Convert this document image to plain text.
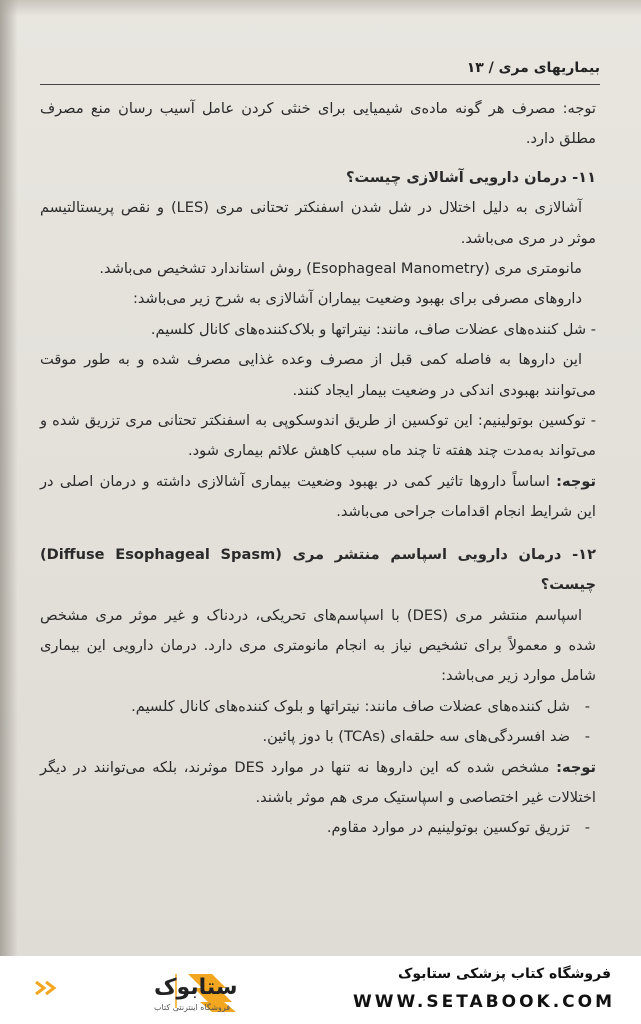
بیماریهای مری / ۱۳

توجه: مصرف هر گونه ماده‌ی شیمیایی برای خنثی کردن عامل آسیب رسان منع مصرف مطلق دارد.

۱۱- درمان دارویی آشالازی چیست؟

آشالازی به دلیل اختلال در شل شدن اسفنکتر تحتانی مری (LES) و نقص پریستالتیسم موثر در مری می‌باشد.

مانومتری مری (Esophageal Manometry) روش استاندارد تشخیص می‌باشد.

داروهای مصرفی برای بهبود وضعیت بیماران آشالازی به شرح زیر می‌باشد:

- شل کننده‌های عضلات صاف، مانند: نیتراتها و بلاک‌کننده‌های کانال کلسیم.

این داروها به فاصله کمی قبل از مصرف وعده غذایی مصرف شده و به طور موقت می‌توانند بهبودی اندکی در وضعیت بیمار ایجاد کنند.

- توکسین بوتولینیم: این توکسین از طریق اندوسکوپی به اسفنکتر تحتانی مری تزریق شده و می‌تواند به‌مدت چند هفته تا چند ماه سبب کاهش علائم بیماری شود.

توجه: اساساً داروها تاثیر کمی در بهبود وضعیت بیماری آشالازی داشته و درمان اصلی در این شرایط انجام اقدامات جراحی می‌باشد.

۱۲- درمان دارویی اسپاسم منتشر مری (Diffuse Esophageal Spasm) چیست؟

اسپاسم منتشر مری (DES) با اسپاسم‌های تحریکی، دردناک و غیر موثر مری مشخص شده و معمولاً برای تشخیص نیاز به انجام مانومتری مری دارد. درمان دارویی این بیماری شامل موارد زیر می‌باشد:

-
شل کننده‌های عضلات صاف مانند: نیتراتها و بلوک کننده‌های کانال کلسیم.

-
ضد افسردگی‌های سه حلقه‌ای (TCAs) با دوز پائین.

توجه: مشخص شده که این داروها نه تنها در موارد DES موثرند، بلکه می‌توانند در دیگر اختلالات غیر اختصاصی و اسپاستیک مری هم موثر باشند.

-
تزریق توکسین بوتولینیم در موارد مقاوم.

ستابوک
فروشگاه اینترنتی کتاب
فروشگاه کتاب پزشکی ستابوک
WWW.SETABOOK.COM
